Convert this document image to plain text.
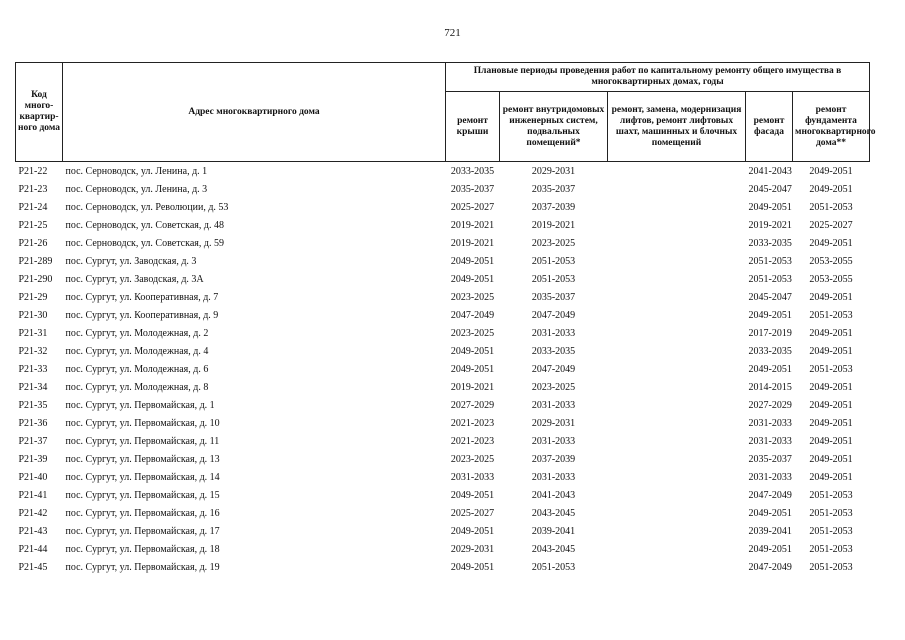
721
Код много-квартир-ного дома	Адрес многоквартирного дома	Плановые периоды проведения работ по капитальному ремонту общего имущества в многоквартирных домах, годы				
		ремонт крыши	ремонт внутридомовых инженерных систем, подвальных помещений*	ремонт, замена, модернизация лифтов, ремонт лифтовых шахт, машинных и блочных помещений	ремонт фасада	ремонт фундамента многоквартирного дома**
Р21-22	пос. Серноводск, ул. Ленина, д. 1	2033-2035	2029-2031		2041-2043	2049-2051
Р21-23	пос. Серноводск, ул. Ленина, д. 3	2035-2037	2035-2037		2045-2047	2049-2051
Р21-24	пос. Серноводск, ул. Революции, д. 53	2025-2027	2037-2039		2049-2051	2051-2053
Р21-25	пос. Серноводск, ул. Советская, д. 48	2019-2021	2019-2021		2019-2021	2025-2027
Р21-26	пос. Серноводск, ул. Советская, д. 59	2019-2021	2023-2025		2033-2035	2049-2051
Р21-289	пос. Сургут, ул. Заводская, д. 3	2049-2051	2051-2053		2051-2053	2053-2055
Р21-290	пос. Сургут, ул. Заводская, д. 3А	2049-2051	2051-2053		2051-2053	2053-2055
Р21-29	пос. Сургут, ул. Кооперативная, д. 7	2023-2025	2035-2037		2045-2047	2049-2051
Р21-30	пос. Сургут, ул. Кооперативная, д. 9	2047-2049	2047-2049		2049-2051	2051-2053
Р21-31	пос. Сургут, ул. Молодежная, д. 2	2023-2025	2031-2033		2017-2019	2049-2051
Р21-32	пос. Сургут, ул. Молодежная, д. 4	2049-2051	2033-2035		2033-2035	2049-2051
Р21-33	пос. Сургут, ул. Молодежная, д. 6	2049-2051	2047-2049		2049-2051	2051-2053
Р21-34	пос. Сургут, ул. Молодежная, д. 8	2019-2021	2023-2025		2014-2015	2049-2051
Р21-35	пос. Сургут, ул. Первомайская, д. 1	2027-2029	2031-2033		2027-2029	2049-2051
Р21-36	пос. Сургут, ул. Первомайская, д. 10	2021-2023	2029-2031		2031-2033	2049-2051
Р21-37	пос. Сургут, ул. Первомайская, д. 11	2021-2023	2031-2033		2031-2033	2049-2051
Р21-39	пос. Сургут, ул. Первомайская, д. 13	2023-2025	2037-2039		2035-2037	2049-2051
Р21-40	пос. Сургут, ул. Первомайская, д. 14	2031-2033	2031-2033		2031-2033	2049-2051
Р21-41	пос. Сургут, ул. Первомайская, д. 15	2049-2051	2041-2043		2047-2049	2051-2053
Р21-42	пос. Сургут, ул. Первомайская, д. 16	2025-2027	2043-2045		2049-2051	2051-2053
Р21-43	пос. Сургут, ул. Первомайская, д. 17	2049-2051	2039-2041		2039-2041	2051-2053
Р21-44	пос. Сургут, ул. Первомайская, д. 18	2029-2031	2043-2045		2049-2051	2051-2053
Р21-45	пос. Сургут, ул. Первомайская, д. 19	2049-2051	2051-2053		2047-2049	2051-2053
